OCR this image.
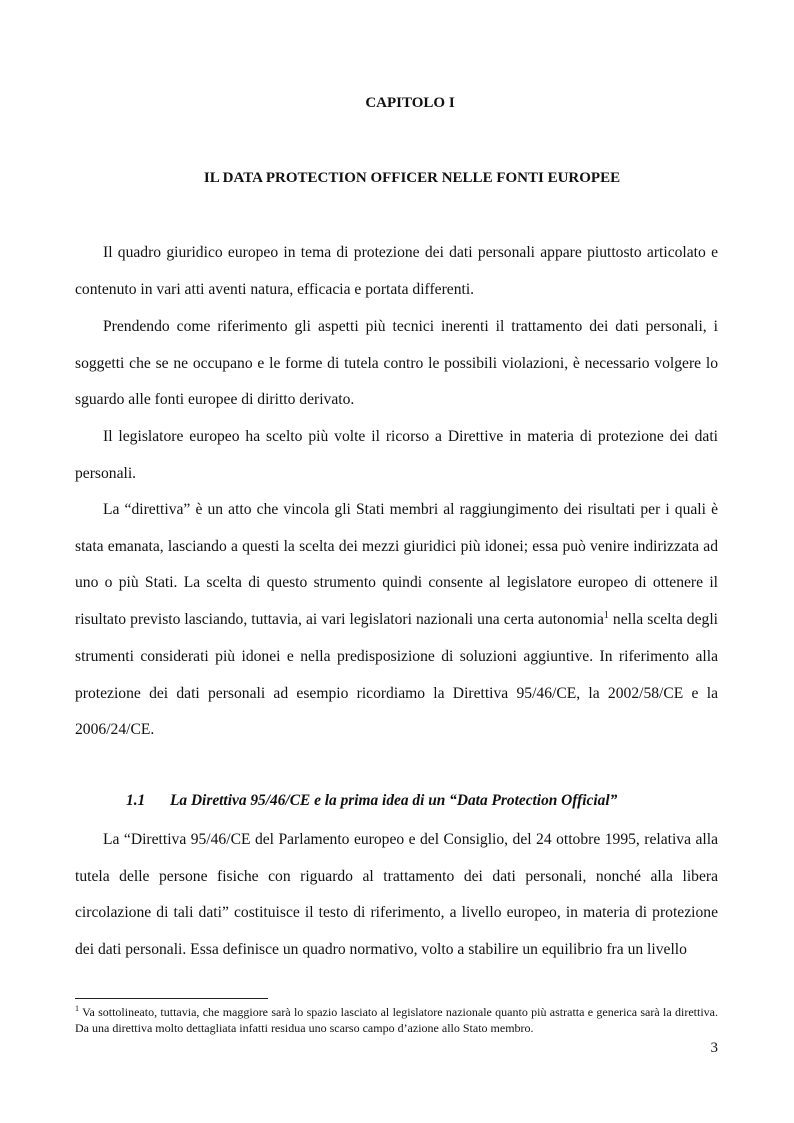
CAPITOLO I
IL DATA PROTECTION OFFICER NELLE FONTI EUROPEE

Il quadro giuridico europeo in tema di protezione dei dati personali appare piuttosto articolato e contenuto in vari atti aventi natura, efficacia e portata differenti.

Prendendo come riferimento gli aspetti più tecnici inerenti il trattamento dei dati personali, i soggetti che se ne occupano e le forme di tutela contro le possibili violazioni, è necessario volgere lo sguardo alle fonti europee di diritto derivato.

Il legislatore europeo ha scelto più volte il ricorso a Direttive in materia di protezione dei dati personali.

La “direttiva” è un atto che vincola gli Stati membri al raggiungimento dei risultati per i quali è stata emanata, lasciando a questi la scelta dei mezzi giuridici più idonei; essa può venire indirizzata ad uno o più Stati. La scelta di questo strumento quindi consente al legislatore europeo di ottenere il risultato previsto lasciando, tuttavia, ai vari legislatori nazionali una certa autonomia$^1$ nella scelta degli strumenti considerati più idonei e nella predisposizione di soluzioni aggiuntive. In riferimento alla protezione dei dati personali ad esempio ricordiamo la Direttiva 95/46/CE, la 2002/58/CE e la 2006/24/CE.

1.1 La Direttiva 95/46/CE e la prima idea di un “Data Protection Official”

La “Direttiva 95/46/CE del Parlamento europeo e del Consiglio, del 24 ottobre 1995, relativa alla tutela delle persone fisiche con riguardo al trattamento dei dati personali, nonché alla libera circolazione di tali dati” costituisce il testo di riferimento, a livello europeo, in materia di protezione dei dati personali. Essa definisce un quadro normativo, volto a stabilire un equilibrio fra un livello

$^1$ Va sottolineato, tuttavia, che maggiore sarà lo spazio lasciato al legislatore nazionale quanto più astratta e generica sarà la direttiva. Da una direttiva molto dettagliata infatti residua uno scarso campo d’azione allo Stato membro.

3
